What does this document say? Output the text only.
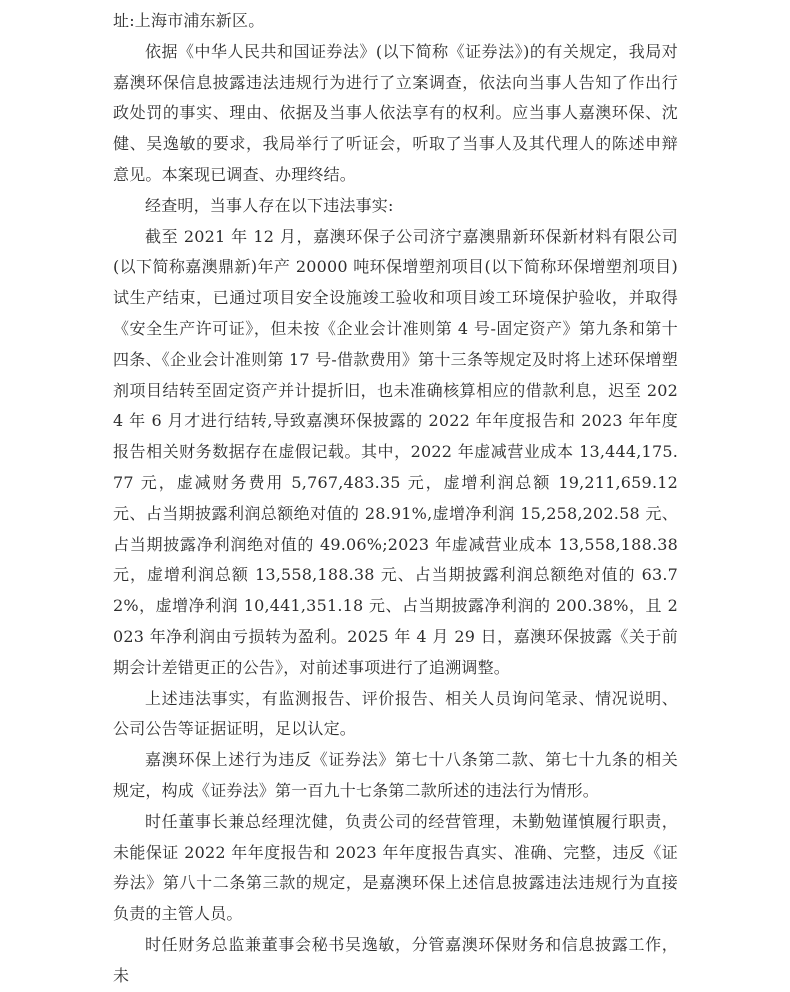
址:上海市浦东新区。

依据《中华人民共和国证券法》(以下简称《证券法》)的有关规定，我局对嘉澳环保信息披露违法违规行为进行了立案调查，依法向当事人告知了作出行政处罚的事实、理由、依据及当事人依法享有的权利。应当事人嘉澳环保、沈健、吴逸敏的要求，我局举行了听证会，听取了当事人及其代理人的陈述申辩意见。本案现已调查、办理终结。

经查明，当事人存在以下违法事实:

截至 2021 年 12 月，嘉澳环保子公司济宁嘉澳鼎新环保新材料有限公司(以下简称嘉澳鼎新)年产 20000 吨环保增塑剂项目(以下简称环保增塑剂项目)试生产结束，已通过项目安全设施竣工验收和项目竣工环境保护验收，并取得《安全生产许可证》，但未按《企业会计准则第 4 号-固定资产》第九条和第十四条、《企业会计准则第 17 号-借款费用》第十三条等规定及时将上述环保增塑剂项目结转至固定资产并计提折旧，也未准确核算相应的借款利息，迟至 2024 年 6 月才进行结转,导致嘉澳环保披露的 2022 年年度报告和 2023 年年度报告相关财务数据存在虚假记载。其中，2022 年虚减营业成本 13,444,175.77 元，虚减财务费用 5,767,483.35 元，虚增利润总额 19,211,659.12 元、占当期披露利润总额绝对值的 28.91%,虚增净利润 15,258,202.58 元、占当期披露净利润绝对值的 49.06%;2023 年虚减营业成本 13,558,188.38 元，虚增利润总额 13,558,188.38 元、占当期披露利润总额绝对值的 63.72%，虚增净利润 10,441,351.18 元、占当期披露净利润的 200.38%，且 2023 年净利润由亏损转为盈利。2025 年 4 月 29 日，嘉澳环保披露《关于前期会计差错更正的公告》，对前述事项进行了追溯调整。

上述违法事实，有监测报告、评价报告、相关人员询问笔录、情况说明、公司公告等证据证明，足以认定。

嘉澳环保上述行为违反《证券法》第七十八条第二款、第七十九条的相关规定，构成《证券法》第一百九十七条第二款所述的违法行为情形。

时任董事长兼总经理沈健，负责公司的经营管理，未勤勉谨慎履行职责，未能保证 2022 年年度报告和 2023 年年度报告真实、准确、完整，违反《证券法》第八十二条第三款的规定，是嘉澳环保上述信息披露违法违规行为直接负责的主管人员。

时任财务总监兼董事会秘书吴逸敏，分管嘉澳环保财务和信息披露工作，未
